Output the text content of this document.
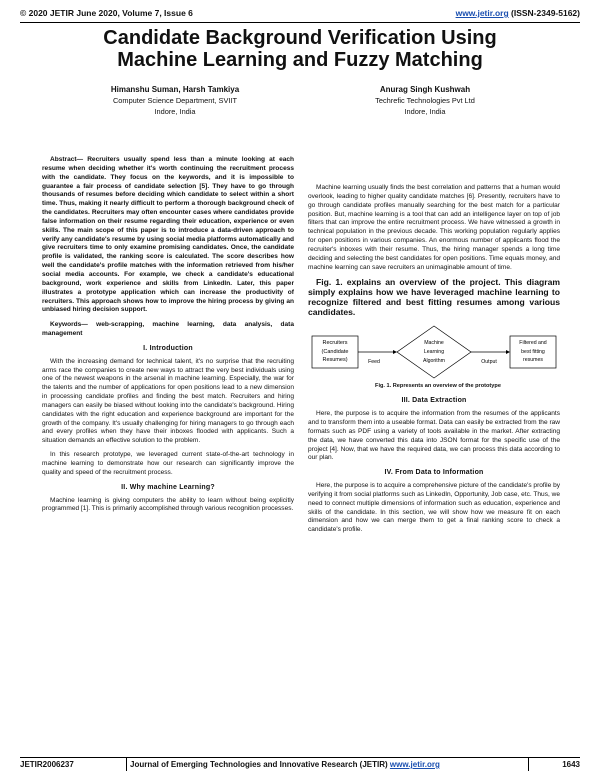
© 2020 JETIR June 2020, Volume 7, Issue 6	www.jetir.org (ISSN-2349-5162)
Candidate Background Verification Using
Machine Learning and Fuzzy Matching
Himanshu Suman, Harsh Tamkiya
Computer Science Department, SVIIT
Indore, India
Anurag Singh Kushwah
Techrefic Technologies Pvt Ltd
Indore, India

Abstract— Recruiters usually spend less than a minute looking at each resume when deciding whether it's worth continuing the recruitment process with the candidate. They focus on the keywords, and it is impossible to guarantee a fair process of candidate selection [5]. They have to go through thousands of resumes before deciding which candidate to select within a short time. Thus, making it nearly difficult to perform a thorough background check of the candidates. Recruiters may often encounter cases where candidates provide false information on their resume regarding their education, experience or even skills. The main scope of this paper is to introduce a data-driven approach to verify any candidate's resume by using social media platforms automatically and give recruiters time to only examine promising candidates. Once, the candidate profile is validated, the ranking score is calculated. The score describes how well the candidate's profile matches with the information retrieved from his/her social media accounts. For example, we check a candidate's educational background, work experience and skills from LinkedIn. Later, this paper illustrates a prototype application which can increase the productivity of recruiters. This approach shows how to improve the hiring process by giving an unbiased hiring decision support.

Keywords— web-scrapping, machine learning, data analysis, data management

I. Introduction

With the increasing demand for technical talent, it's no surprise that the recruiting arms race the companies to create new ways to attract the very best individuals using one of the newest weapons in the arsenal in machine learning. Especially, the war for the talents and the number of applications for open positions lead to a new dimension in processing candidate profiles and finding the best match. Recruiters and hiring managers can easily be biased without looking into the candidate's background. Hiring candidates with the right education and experience background are important for the growth of the company. It's usually challenging for hiring managers to go through each and every profiles when they have their inboxes flooded with applicants. Such a situation demands an effective solution to the problem.

In this research prototype, we leveraged current state-of-the-art technology in machine learning to demonstrate how our research can significantly improve the quality and speed of the recruitment process.

II. Why machine Learning?

Machine learning is giving computers the ability to learn without being explicitly programmed [1]. This is primarily accomplished through various recognition processes.

Machine learning usually finds the best correlation and patterns that a human would overlook, leading to higher quality candidate matches [6]. Presently, recruiters have to go through candidate profiles manually searching for the best match for a particular position. But, machine learning is a tool that can add an intelligence layer on top of job filters that can improve the entire recruitment process. We have witnessed a growth in technical population in the previous decade. This working population regularly applies for open positions in various companies. An enormous number of applicants flood the recruiter's inboxes with their resume. Thus, the hiring manager spends a long time deciding and selecting the best candidates for open positions. Time equals money, and machine learning can save recruiters an unimaginable amount of time.

Fig. 1. explains an overview of the project. This diagram simply explains how we have leveraged machine learning to recognize filtered and best fitting resumes among various candidates.

Recruiters
(Candidate
Resumes)	Feed
Machine
Learning
Algorithm	Output
Filtered and
best fitting
resumes

Fig. 1. Represents an overview of the prototype

III. Data Extraction

Here, the purpose is to acquire the information from the resumes of the applicants and to transform them into a useable format. Data can easily be extracted from the raw formats such as PDF using a variety of tools available in the market. After extracting the data, we have converted this data into JSON format for the specific use of the project [4]. Now, that we have the required data, we can process this data according to our plan.

IV. From Data to Information

Here, the purpose is to acquire a comprehensive picture of the candidate's profile by verifying it from social platforms such as LinkedIn, Opportunity, Job case, etc. Thus, we need to connect multiple dimensions of information such as education, experience and skills of the candidate. In this section, we will show how we measure fit on each dimension and how we can merge them to get a final ranking score to check a candidate's profile.

JETIR2006237	Journal of Emerging Technologies and Innovative Research (JETIR) www.jetir.org	1643
